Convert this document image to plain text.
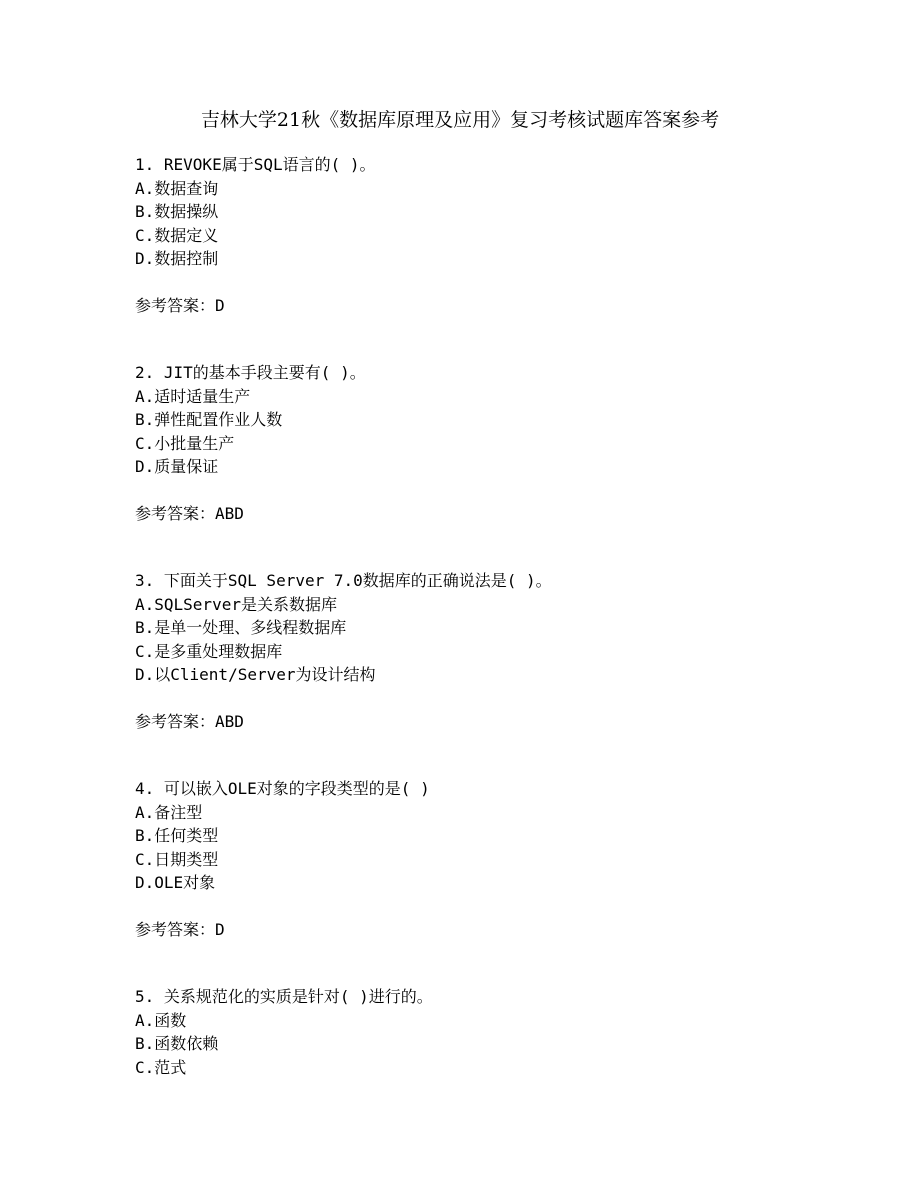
吉林大学21秋《数据库原理及应用》复习考核试题库答案参考

1. REVOKE属于SQL语言的( )。

A.数据查询

B.数据操纵

C.数据定义

D.数据控制

参考答案：D

2. JIT的基本手段主要有( )。

A.适时适量生产

B.弹性配置作业人数

C.小批量生产

D.质量保证

参考答案：ABD

3. 下面关于SQL Server 7.0数据库的正确说法是( )。

A.SQLServer是关系数据库

B.是单一处理、多线程数据库

C.是多重处理数据库

D.以Client/Server为设计结构

参考答案：ABD

4. 可以嵌入OLE对象的字段类型的是( )

A.备注型

B.任何类型

C.日期类型

D.OLE对象

参考答案：D

5. 关系规范化的实质是针对( )进行的。

A.函数

B.函数依赖

C.范式
